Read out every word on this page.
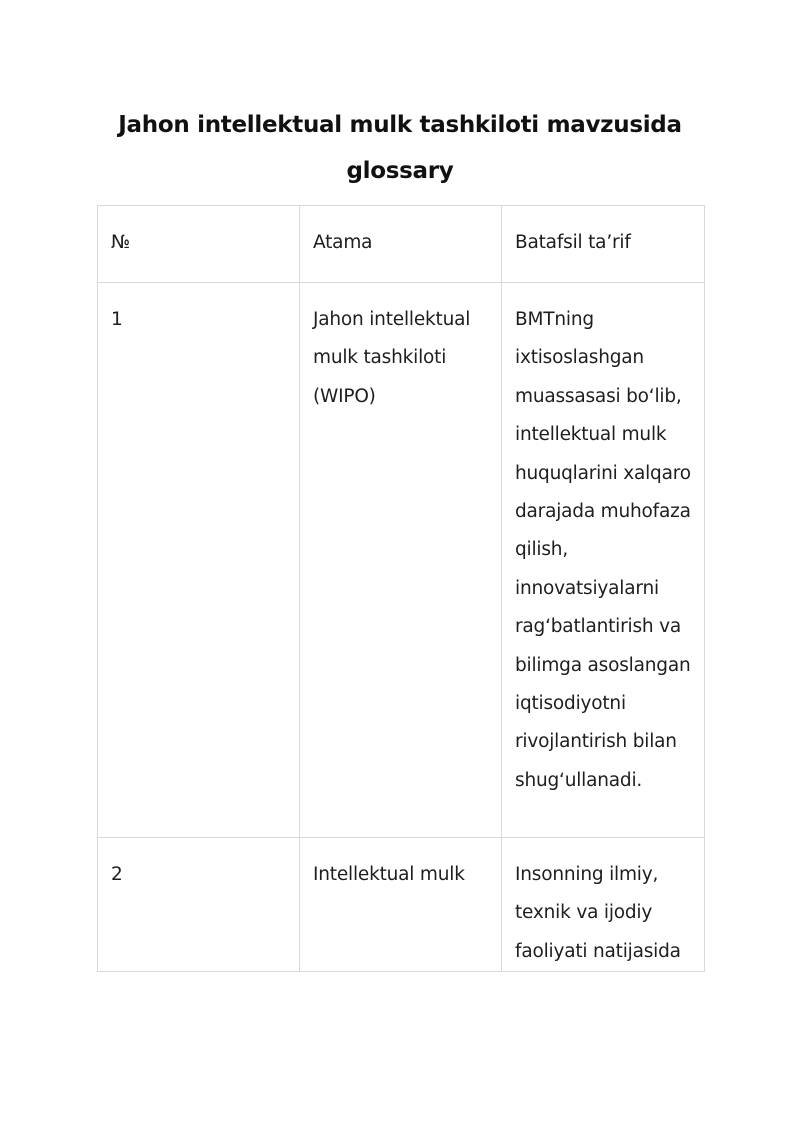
Jahon intellektual mulk tashkiloti mavzusida glossary
№	Atama	Batafsil ta’rif

1	Jahon intellektual mulk tashkiloti (WIPO)	BMTning ixtisoslashgan muassasasi bo‘lib, intellektual mulk huquqlarini xalqaro darajada muhofaza qilish, innovatsiyalarni rag‘batlantirish va bilimga asoslangan iqtisodiyotni rivojlantirish bilan shug‘ullanadi.

2	Intellektual mulk	Insonning ilmiy, texnik va ijodiy faoliyati natijasida
